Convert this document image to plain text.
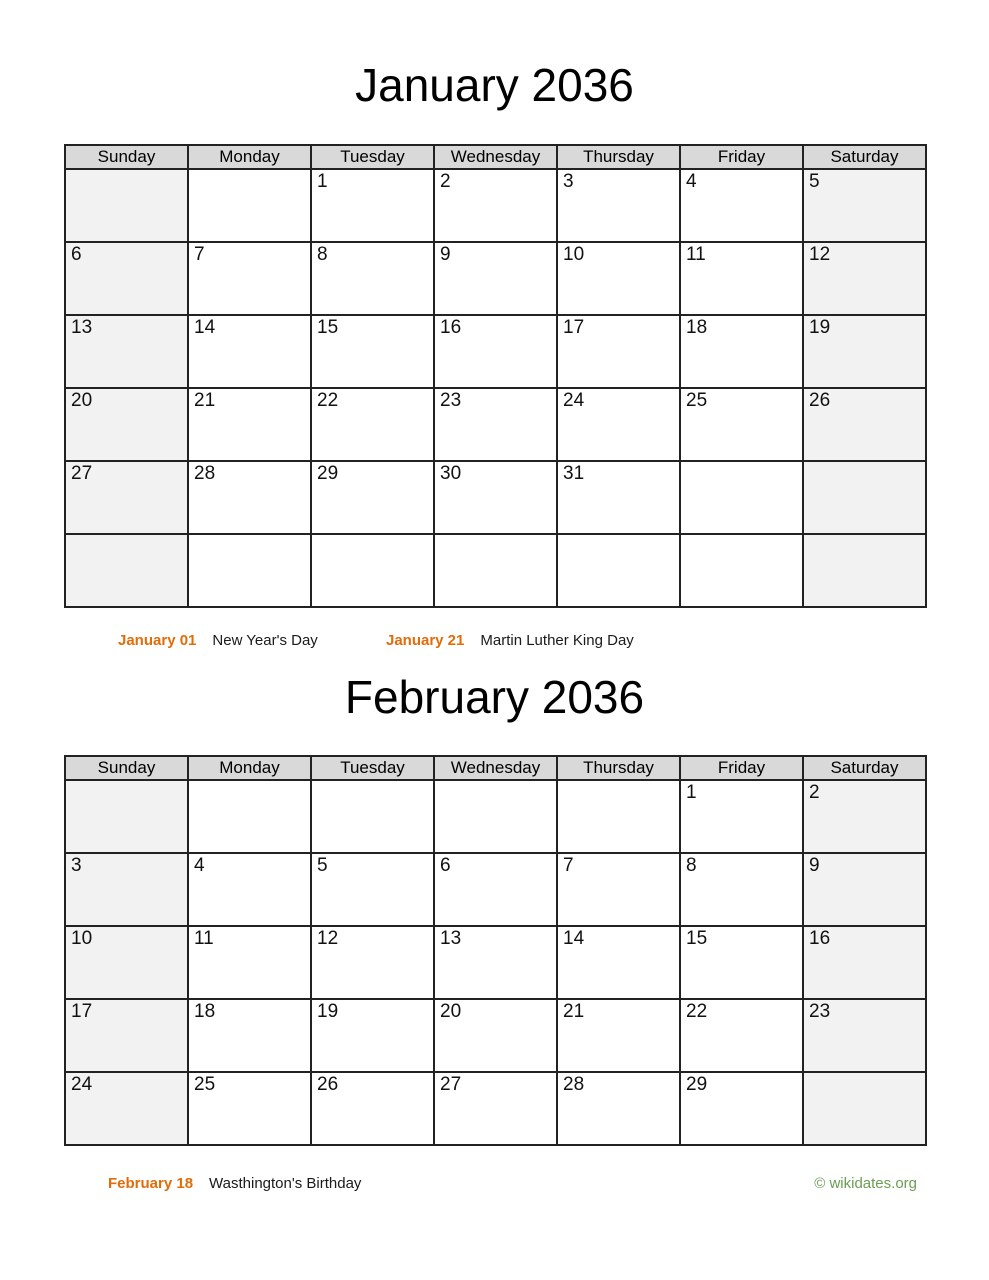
January 2036
Sunday	Monday	Tuesday	Wednesday	Thursday	Friday	Saturday
		1	2	3	4	5
6	7	8	9	10	11	12
13	14	15	16	17	18	19
20	21	22	23	24	25	26
27	28	29	30	31		

January 01 New Year's Day	January 21 Martin Luther King Day
February 2036
Sunday	Monday	Tuesday	Wednesday	Thursday	Friday	Saturday
					1	2
3	4	5	6	7	8	9
10	11	12	13	14	15	16
17	18	19	20	21	22	23
24	25	26	27	28	29	
February 18 Wasthington's Birthday	© wikidates.org
